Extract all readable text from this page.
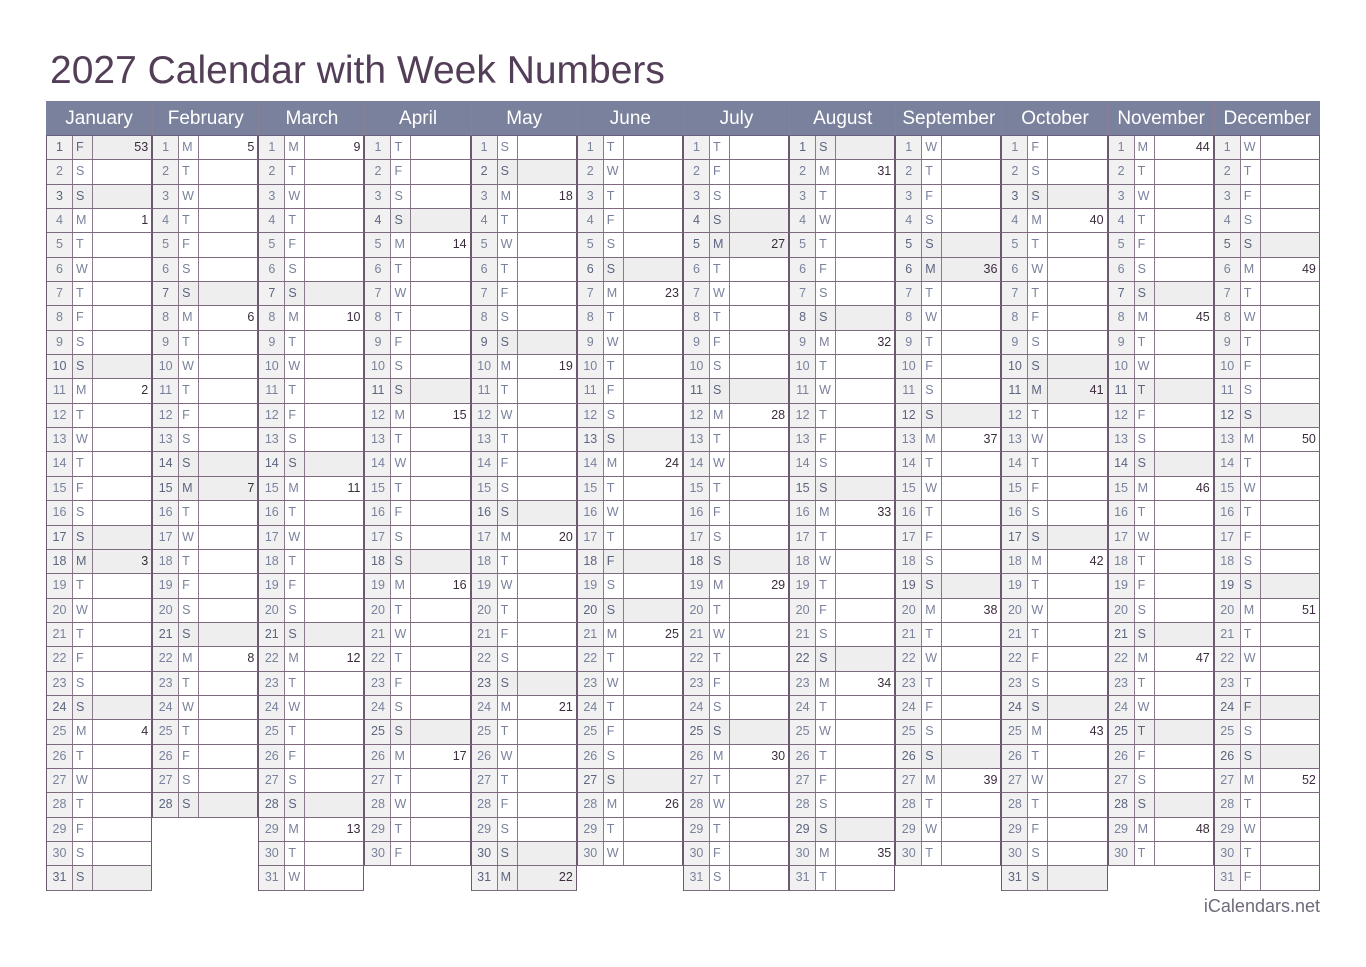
2027 Calendar with Week Numbers
January
1	F	53
2	S
3	S
4	M	1
5	T
6	W
7	T
8	F
9	S
10 S
11 M	2
12 T
13 W
14 T
15 F
16 S
17 S
18 M	3
19 T
20 W
21 T
22 F
23 S
24 S
25 M	4
26 T
27 W
28 T
29 F
30 S
31 S
February
1	M	5
2	T
3	W
4	T
5	F
6	S
7	S
8	M	6
9	T
10 W
11 T
12 F
13 S
14 S
15 M	7
16 T
17 W
18 T
19 F
20 S
21 S
22 M	8
23 T
24 W
25 T
26 F
27 S
28 S
March
1	M	9
2	T
3	W
4	T
5	F
6	S
7	S
8	M	10
9	T
10 W
11 T
12 F
13 S
14 S
15 M	11
16 T
17 W
18 T
19 F
20 S
21 S
22 M	12
23 T
24 W
25 T
26 F
27 S
28 S
29 M	13
30 T
31 W
April
1	T
2	F
3	S
4	S
5	M	14
6	T
7	W
8	T
9	F
10 S
11 S
12 M	15
13 T
14 W
15 T
16 F
17 S
18 S
19 M	16
20 T
21 W
22 T
23 F
24 S
25 S
26 M	17
27 T
28 W
29 T
30 F
May
1	S
2	S
3	M	18
4	T
5	W
6	T
7	F
8	S
9	S
10 M	19
11 T
12 W
13 T
14 F
15 S
16 S
17 M	20
18 T
19 W
20 T
21 F
22 S
23 S
24 M	21
25 T
26 W
27 T
28 F
29 S
30 S
31 M	22
June
1	T
2	W
3	T
4	F
5	S
6	S
7	M	23
8	T
9	W
10 T
11 F
12 S
13 S
14 M	24
15 T
16 W
17 T
18 F
19 S
20 S
21 M	25
22 T
23 W
24 T
25 F
26 S
27 S
28 M	26
29 T
30 W
July
1	T
2	F
3	S
4	S
5	M	27
6	T
7	W
8	T
9	F
10 S
11 S
12 M	28
13 T
14 W
15 T
16 F
17 S
18 S
19 M	29
20 T
21 W
22 T
23 F
24 S
25 S
26 M	30
27 T
28 W
29 T
30 F
31 S
August
1	S
2	M	31
3	T
4	W
5	T
6	F
7	S
8	S
9	M	32
10 T
11 W
12 T
13 F
14 S
15 S
16 M	33
17 T
18 W
19 T
20 F
21 S
22 S
23 M	34
24 T
25 W
26 T
27 F
28 S
29 S
30 M	35
31 T
September
1	W
2	T
3	F
4	S
5	S
6	M	36
7	T
8	W
9	T
10 F
11 S
12 S
13 M	37
14 T
15 W
16 T
17 F
18 S
19 S
20 M	38
21 T
22 W
23 T
24 F
25 S
26 S
27 M	39
28 T
29 W
30 T
October
1	F
2	S
3	S
4	M	40
5	T
6	W
7	T
8	F
9	S
10 S
11 M	41
12 T
13 W
14 T
15 F
16 S
17 S
18 M	42
19 T
20 W
21 T
22 F
23 S
24 S
25 M	43
26 T
27 W
28 T
29 F
30 S
31 S
November
1	M	44
2	T
3	W
4	T
5	F
6	S
7	S
8	M	45
9	T
10 W
11 T
12 F
13 S
14 S
15 M	46
16 T
17 W
18 T
19 F
20 S
21 S
22 M	47
23 T
24 W
25 T
26 F
27 S
28 S
29 M	48
30 T
December
1	W
2	T
3	F
4	S
5	S
6	M	49
7	T
8	W
9	T
10 F
11 S
12 S
13 M	50
14 T
15 W
16 T
17 F
18 S
19 S
20 M	51
21 T
22 W
23 T
24 F
25 S
26 S
27 M	52
28 T
29 W
30 T
31 F
iCalendars.net
